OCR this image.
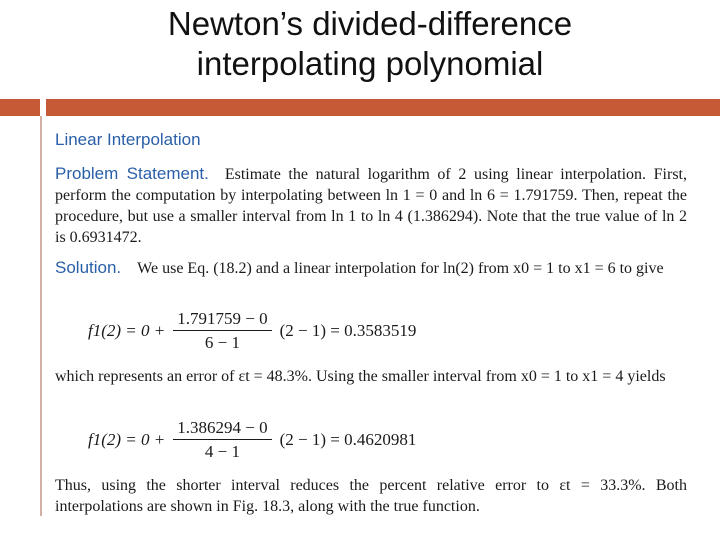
Newton’s divided-difference
interpolating polynomial
Linear Interpolation
Problem Statement. Estimate the natural logarithm of 2 using linear interpolation. First, perform the computation by interpolating between ln 1 = 0 and ln 6 = 1.791759. Then, repeat the procedure, but use a smaller interval from ln 1 to ln 4 (1.386294). Note that the true value of ln 2 is 0.6931472.
Solution. We use Eq. (18.2) and a linear interpolation for ln(2) from x0 = 1 to x1 = 6 to give
$f1(2) = 0 + \frac{1.791759 - 0}{6 - 1} (2 - 1) = 0.3583519$
which represents an error of εt = 48.3%. Using the smaller interval from x0 = 1 to x1 = 4 yields
$f1(2) = 0 + \frac{1.386294 - 0}{4 - 1} (2 - 1) = 0.4620981$
Thus, using the shorter interval reduces the percent relative error to εt = 33.3%. Both interpolations are shown in Fig. 18.3, along with the true function.
